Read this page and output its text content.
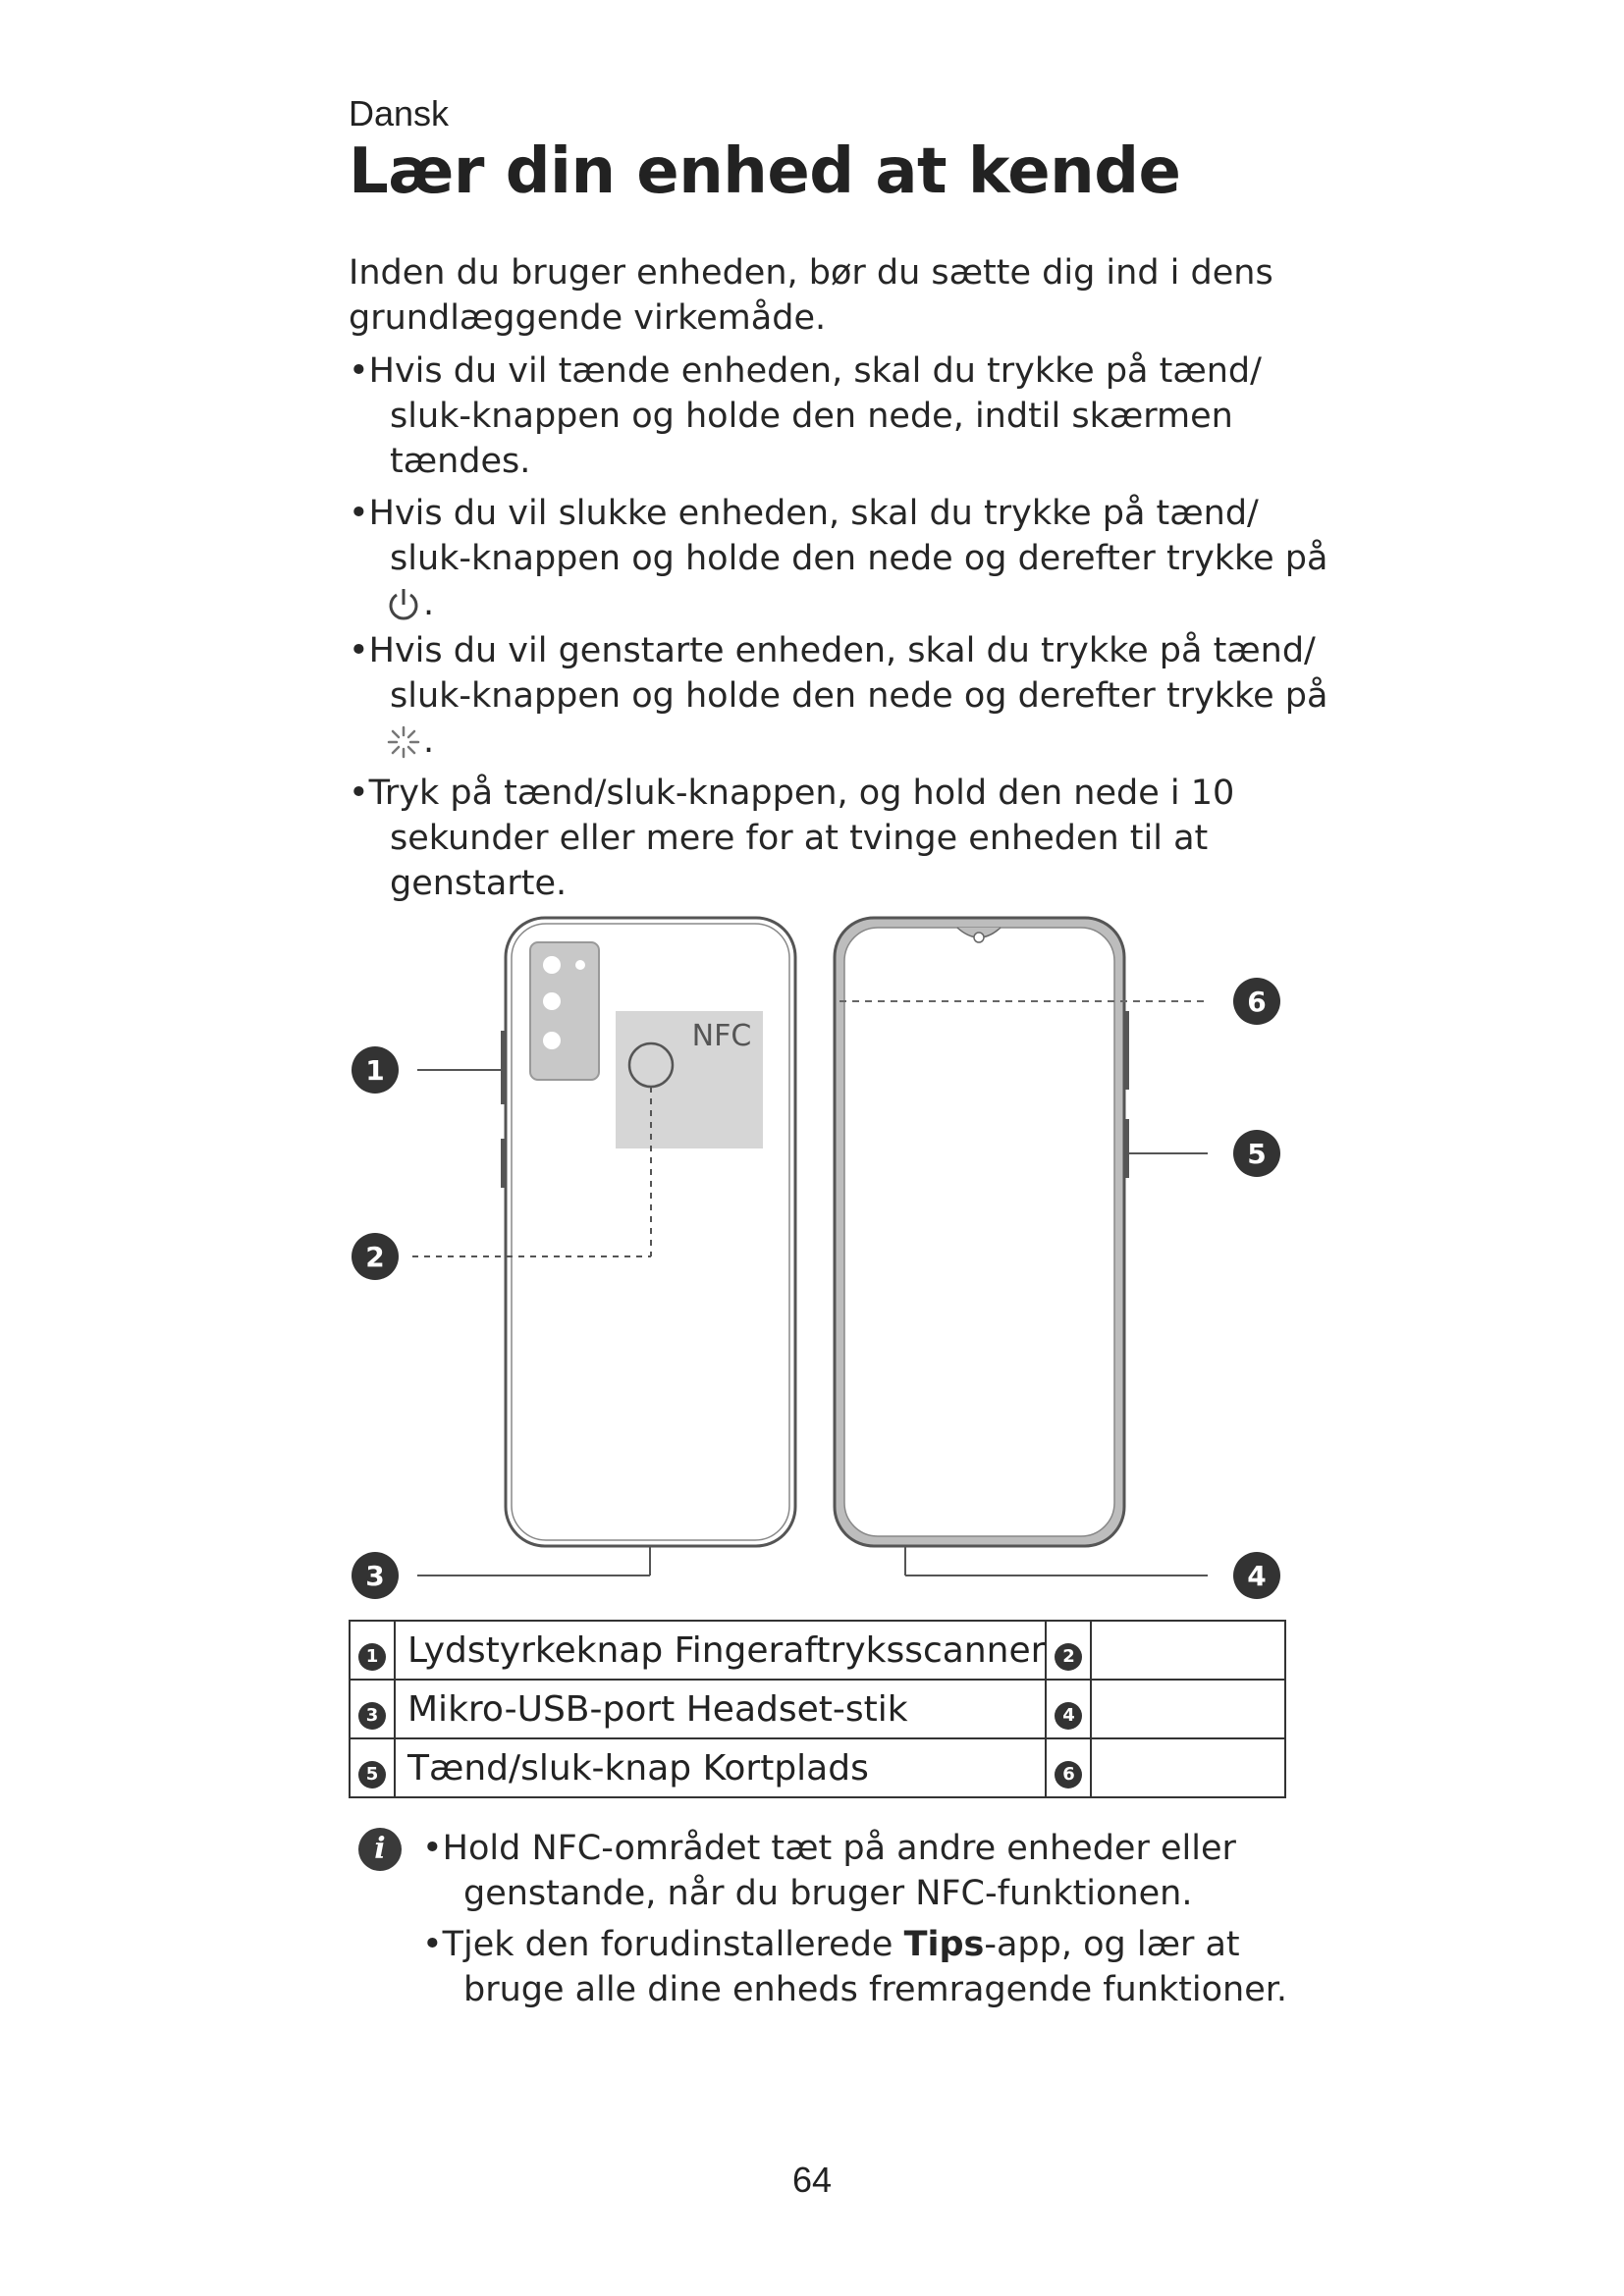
Dansk
Lær din enhed at kende
Inden du bruger enheden, bør du sætte dig ind i dens
grundlæggende virkemåde.
•Hvis du vil tænde enheden, skal du trykke på tænd/
sluk-knappen og holde den nede, indtil skærmen
tændes.
•Hvis du vil slukke enheden, skal du trykke på tænd/
sluk-knappen og holde den nede og derefter trykke på
.
•Hvis du vil genstarte enheden, skal du trykke på tænd/
sluk-knappen og holde den nede og derefter trykke på
.
•Tryk på tænd/sluk-knappen, og hold den nede i 10
sekunder eller mere for at tvinge enheden til at
genstarte.
NFC
1
2
3	4
5
6
1	Lydstyrkeknap Fingeraftryksscanner	2	
3	Mikro-USB-port Headset-stik	4	
5	Tænd/sluk-knap Kortplads	6	
i	•Hold NFC-området tæt på andre enheder eller
genstande, når du bruger NFC-funktionen.
•Tjek den forudinstallerede Tips-app, og lær at
bruge alle dine enheds fremragende funktioner.
64
